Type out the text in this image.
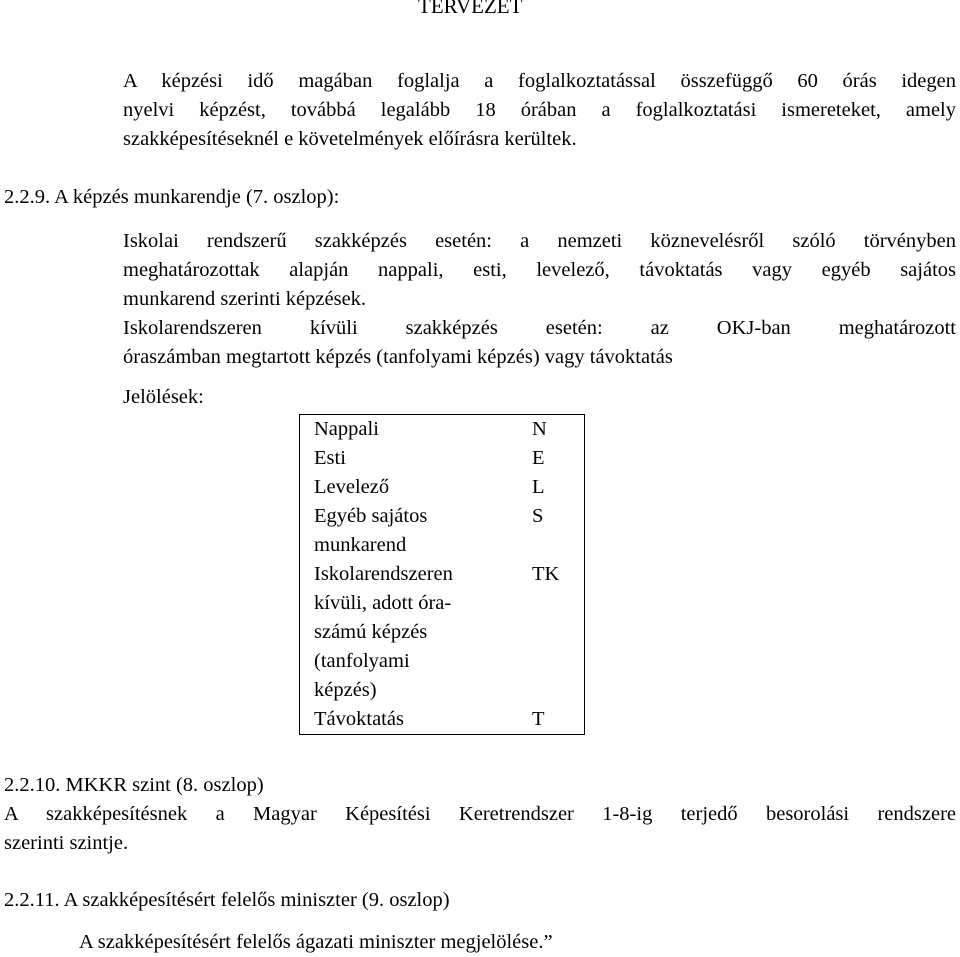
TERVEZET
A képzési idő magában foglalja a foglalkoztatással összefüggő 60 órás idegen
nyelvi képzést, továbbá legalább 18 órában a foglalkoztatási ismereteket, amely
szakképesítéseknél e követelmények előírásra kerültek.
2.2.9. A képzés munkarendje (7. oszlop):
Iskolai rendszerű szakképzés esetén: a nemzeti köznevelésről szóló törvényben
meghatározottak alapján nappali, esti, levelező, távoktatás vagy egyéb sajátos
munkarend szerinti képzések.
Iskolarendszeren kívüli szakképzés esetén: az OKJ-ban meghatározott
óraszámban megtartott képzés (tanfolyami képzés) vagy távoktatás
Jelölések:
Nappali	N

Esti	E

Levelező	L

Egyéb sajátos
munkarend	S

Iskolarendszeren
kívüli, adott óra-
számú képzés
(tanfolyami
képzés)	TK

Távoktatás	T
2.2.10. MKKR szint (8. oszlop)
A szakképesítésnek a Magyar Képesítési Keretrendszer 1-8-ig terjedő besorolási rendszere
szerinti szintje.
2.2.11. A szakképesítésért felelős miniszter (9. oszlop)
A szakképesítésért felelős ágazati miniszter megjelölése.”
